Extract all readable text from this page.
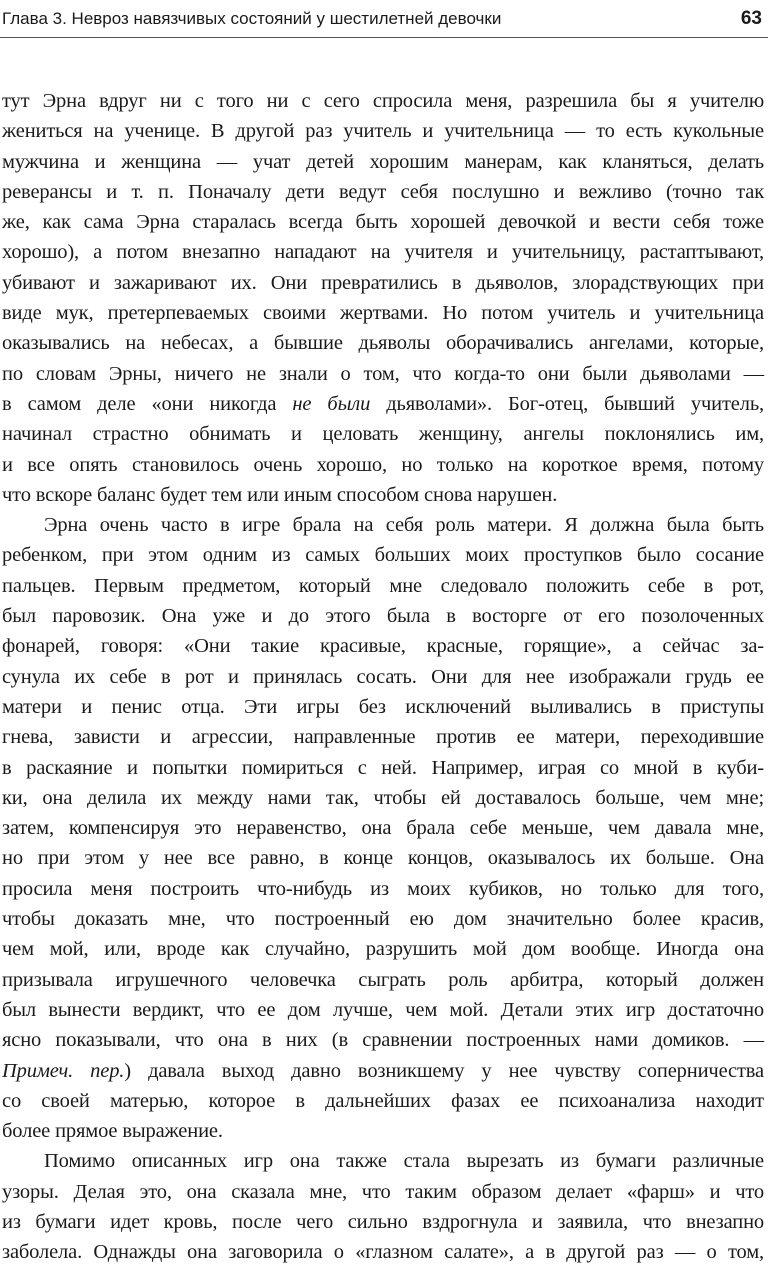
Глава 3. Невроз навязчивых состояний у шестилетней девочки	63
тут Эрна вдруг ни с того ни с сего спросила меня, разрешила бы я учителю
жениться на ученице. В другой раз учитель и учительница — то есть кукольные
мужчина и женщина — учат детей хорошим манерам, как кланяться, делать
реверансы и т. п. Поначалу дети ведут себя послушно и вежливо (точно так
же, как сама Эрна старалась всегда быть хорошей девочкой и вести себя тоже
хорошо), а потом внезапно нападают на учителя и учительницу, растаптывают,
убивают и зажаривают их. Они превратились в дьяволов, злорадствующих при
виде мук, претерпеваемых своими жертвами. Но потом учитель и учительница
оказывались на небесах, а бывшие дьяволы оборачивались ангелами, которые,
по словам Эрны, ничего не знали о том, что когда-то они были дьяволами —
в самом деле «они никогда не были дьяволами». Бог-отец, бывший учитель,
начинал страстно обнимать и целовать женщину, ангелы поклонялись им,
и все опять становилось очень хорошо, но только на короткое время, потому
что вскоре баланс будет тем или иным способом снова нарушен.
Эрна очень часто в игре брала на себя роль матери. Я должна была быть
ребенком, при этом одним из самых больших моих проступков было сосание
пальцев. Первым предметом, который мне следовало положить себе в рот,
был паровозик. Она уже и до этого была в восторге от его позолоченных
фонарей, говоря: «Они такие красивые, красные, горящие», а сейчас за-
сунула их себе в рот и принялась сосать. Они для нее изображали грудь ее
матери и пенис отца. Эти игры без исключений выливались в приступы
гнева, зависти и агрессии, направленные против ее матери, переходившие
в раскаяние и попытки помириться с ней. Например, играя со мной в куби-
ки, она делила их между нами так, чтобы ей доставалось больше, чем мне;
затем, компенсируя это неравенство, она брала себе меньше, чем давала мне,
но при этом у нее все равно, в конце концов, оказывалось их больше. Она
просила меня построить что-нибудь из моих кубиков, но только для того,
чтобы доказать мне, что построенный ею дом значительно более красив,
чем мой, или, вроде как случайно, разрушить мой дом вообще. Иногда она
призывала игрушечного человечка сыграть роль арбитра, который должен
был вынести вердикт, что ее дом лучше, чем мой. Детали этих игр достаточно
ясно показывали, что она в них (в сравнении построенных нами домиков. —
Примеч. пер.) давала выход давно возникшему у нее чувству соперничества
со своей матерью, которое в дальнейших фазах ее психоанализа находит
более прямое выражение.
Помимо описанных игр она также стала вырезать из бумаги различные
узоры. Делая это, она сказала мне, что таким образом делает «фарш» и что
из бумаги идет кровь, после чего сильно вздрогнула и заявила, что внезапно
заболела. Однажды она заговорила о «глазном салате», а в другой раз — о том,
